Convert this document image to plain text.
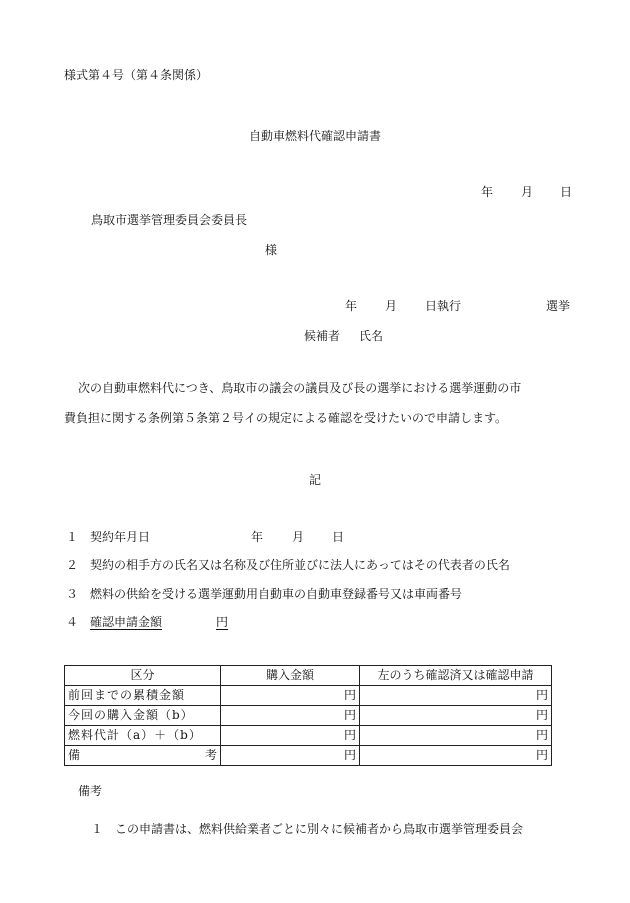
様式第４号（第４条関係）
自動車燃料代確認申請書
年 月 日
鳥取市選挙管理委員会委員長
様
年 月 日執行	選挙
候補者 氏名
次の自動車燃料代につき、鳥取市の議会の議員及び長の選挙における選挙運動の市
費負担に関する条例第５条第２号イの規定による確認を受けたいので申請します。
記
１ 契約年月日	年 月 日
２ 契約の相手方の氏名又は名称及び住所並びに法人にあってはその代表者の氏名
３ 燃料の供給を受ける選挙運動用自動車の自動車登録番号又は車両番号
４ 確認申請金額	円
区分	購入金額	左のうち確認済又は確認申請
前回までの累積金額	円	円
今回の購入金額（b）	円	円
燃料代計（a）＋（b）	円	円

備 考	円	円
備考
１ この申請書は、燃料供給業者ごとに別々に候補者から鳥取市選挙管理委員会
